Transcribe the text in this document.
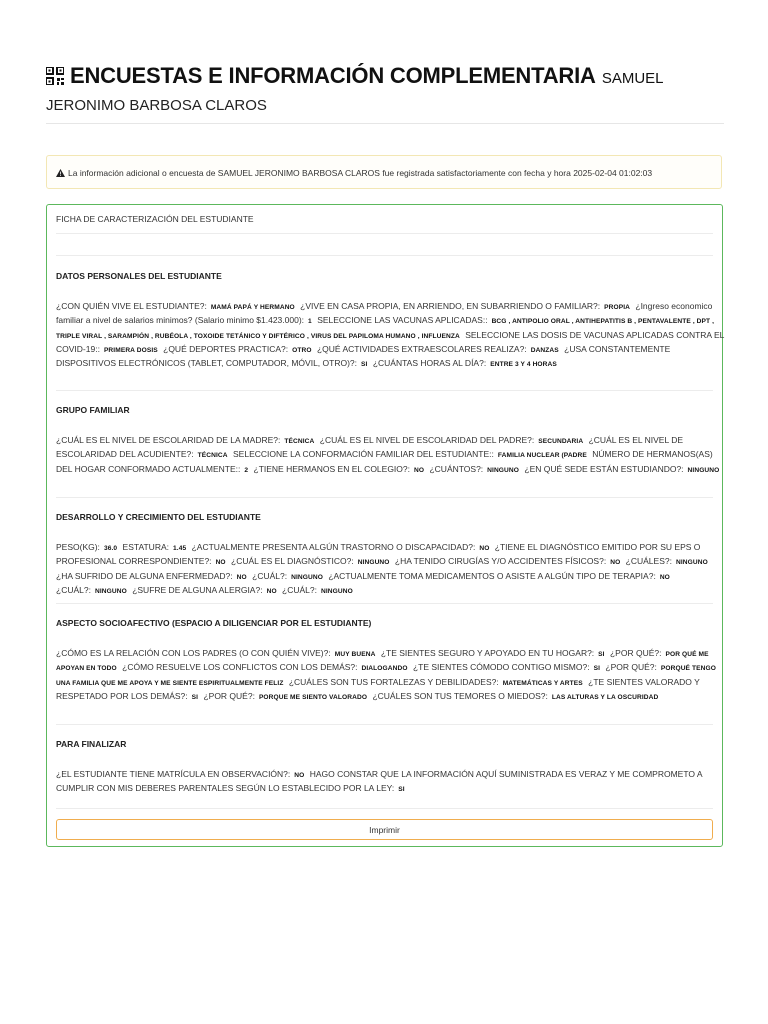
ENCUESTAS E INFORMACIÓN COMPLEMENTARIA SAMUEL
JERONIMO BARBOSA CLAROS
La información adicional o encuesta de SAMUEL JERONIMO BARBOSA CLAROS fue registrada satisfactoriamente con fecha y hora 2025-02-04 01:02:03
FICHA DE CARACTERIZACIÓN DEL ESTUDIANTE
DATOS PERSONALES DEL ESTUDIANTE
¿CON QUIÉN VIVE EL ESTUDIANTE?: MAMÁ PAPÁ Y HERMANO ¿VIVE EN CASA PROPIA, EN ARRIENDO, EN SUBARRIENDO O FAMILIAR?: PROPIA ¿Ingreso economico familiar a nivel de salarios minimos? (Salario minimo $1.423.000): 1 SELECCIONE LAS VACUNAS APLICADAS:: BCG , ANTIPOLIO ORAL , ANTIHEPATITIS B , PENTAVALENTE , DPT , TRIPLE VIRAL , SARAMPIÓN , RUBÉOLA , TOXOIDE TETÁNICO Y DIFTÉRICO , VIRUS DEL PAPILOMA HUMANO , INFLUENZA SELECCIONE LAS DOSIS DE VACUNAS APLICADAS CONTRA EL COVID-19:: PRIMERA DOSIS ¿QUÉ DEPORTES PRACTICA?: OTRO ¿QUÉ ACTIVIDADES EXTRAESCOLARES REALIZA?: DANZAS ¿USA CONSTANTEMENTE DISPOSITIVOS ELECTRÓNICOS (TABLET, COMPUTADOR, MÓVIL, OTRO)?: SI ¿CUÁNTAS HORAS AL DÍA?: ENTRE 3 Y 4 HORAS
GRUPO FAMILIAR
¿CUÁL ES EL NIVEL DE ESCOLARIDAD DE LA MADRE?: TÉCNICA ¿CUÁL ES EL NIVEL DE ESCOLARIDAD DEL PADRE?: SECUNDARIA ¿CUÁL ES EL NIVEL DE ESCOLARIDAD DEL ACUDIENTE?: TÉCNICA SELECCIONE LA CONFORMACIÓN FAMILIAR DEL ESTUDIANTE:: FAMILIA NUCLEAR (PADRE NÚMERO DE HERMANOS(AS) DEL HOGAR CONFORMADO ACTUALMENTE:: 2 ¿TIENE HERMANOS EN EL COLEGIO?: NO ¿CUÁNTOS?: NINGUNO ¿EN QUÉ SEDE ESTÁN ESTUDIANDO?: NINGUNO
DESARROLLO Y CRECIMIENTO DEL ESTUDIANTE
PESO(KG): 36.0 ESTATURA: 1.45 ¿ACTUALMENTE PRESENTA ALGÚN TRASTORNO O DISCAPACIDAD?: NO ¿TIENE EL DIAGNÓSTICO EMITIDO POR SU EPS O PROFESIONAL CORRESPONDIENTE?: NO ¿CUÁL ES EL DIAGNÓSTICO?: NINGUNO ¿HA TENIDO CIRUGÍAS Y/O ACCIDENTES FÍSICOS?: NO ¿CUÁLES?: NINGUNO ¿HA SUFRIDO DE ALGUNA ENFERMEDAD?: NO ¿CUÁL?: NINGUNO ¿ACTUALMENTE TOMA MEDICAMENTOS O ASISTE A ALGÚN TIPO DE TERAPIA?: NO ¿CUÁL?: NINGUNO ¿SUFRE DE ALGUNA ALERGIA?: NO ¿CUÁL?: NINGUNO
ASPECTO SOCIOAFECTIVO (ESPACIO A DILIGENCIAR POR EL ESTUDIANTE)
¿CÓMO ES LA RELACIÓN CON LOS PADRES (O CON QUIÉN VIVE)?: MUY BUENA ¿TE SIENTES SEGURO Y APOYADO EN TU HOGAR?: SI ¿POR QUÉ?: POR QUÉ ME APOYAN EN TODO ¿CÓMO RESUELVE LOS CONFLICTOS CON LOS DEMÁS?: DIALOGANDO ¿TE SIENTES CÓMODO CONTIGO MISMO?: SI ¿POR QUÉ?: PORQUÉ TENGO UNA FAMILIA QUE ME APOYA Y ME SIENTE ESPIRITUALMENTE FELIZ ¿CUÁLES SON TUS FORTALEZAS Y DEBILIDADES?: MATEMÁTICAS Y ARTES ¿TE SIENTES VALORADO Y RESPETADO POR LOS DEMÁS?: SI ¿POR QUÉ?: PORQUE ME SIENTO VALORADO ¿CUÁLES SON TUS TEMORES O MIEDOS?: LAS ALTURAS Y LA OSCURIDAD
PARA FINALIZAR
¿EL ESTUDIANTE TIENE MATRÍCULA EN OBSERVACIÓN?: NO HAGO CONSTAR QUE LA INFORMACIÓN AQUÍ SUMINISTRADA ES VERAZ Y ME COMPROMETO A CUMPLIR CON MIS DEBERES PARENTALES SEGÚN LO ESTABLECIDO POR LA LEY: SI
Imprimir
